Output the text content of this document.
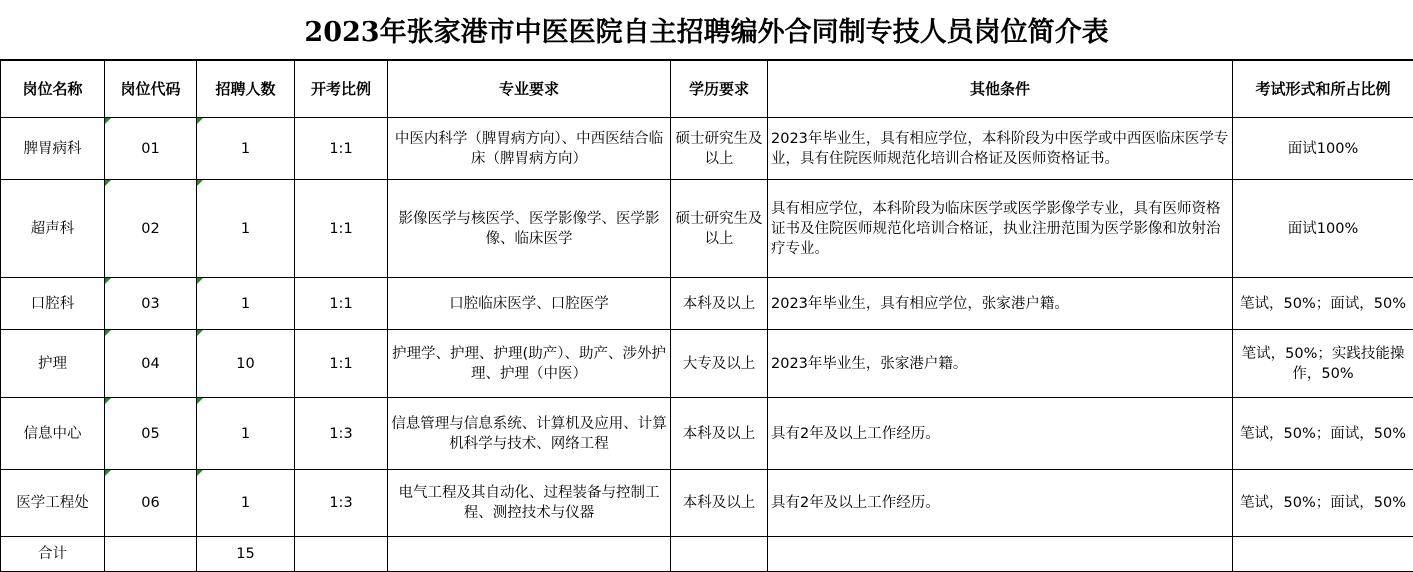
2023年张家港市中医医院自主招聘编外合同制专技人员岗位简介表
岗位名称	岗位代码	招聘人数	开考比例	专业要求	学历要求	其他条件	考试形式和所占比例
脾胃病科	01	1	1:1	中医内科学（脾胃病方向）、中西医结合临床（脾胃病方向）	硕士研究生及以上	2023年毕业生，具有相应学位，本科阶段为中医学或中西医临床医学专业，具有住院医师规范化培训合格证及医师资格证书。	面试100%
超声科	02	1	1:1	影像医学与核医学、医学影像学、医学影像、临床医学	硕士研究生及以上	具有相应学位，本科阶段为临床医学或医学影像学专业，具有医师资格证书及住院医师规范化培训合格证，执业注册范围为医学影像和放射治疗专业。	面试100%
口腔科	03	1	1:1	口腔临床医学、口腔医学	本科及以上	2023年毕业生，具有相应学位，张家港户籍。	笔试，50%；面试，50%
护理	04	10	1:1	护理学、护理、护理(助产）、助产、涉外护理、护理（中医）	大专及以上	2023年毕业生，张家港户籍。	笔试，50%；实践技能操作，50%
信息中心	05	1	1:3	信息管理与信息系统、计算机及应用、计算机科学与技术、网络工程	本科及以上	具有2年及以上工作经历。	笔试，50%；面试，50%
医学工程处	06	1	1:3	电气工程及其自动化、过程装备与控制工程、测控技术与仪器	本科及以上	具有2年及以上工作经历。	笔试，50%；面试，50%
合计		15					
